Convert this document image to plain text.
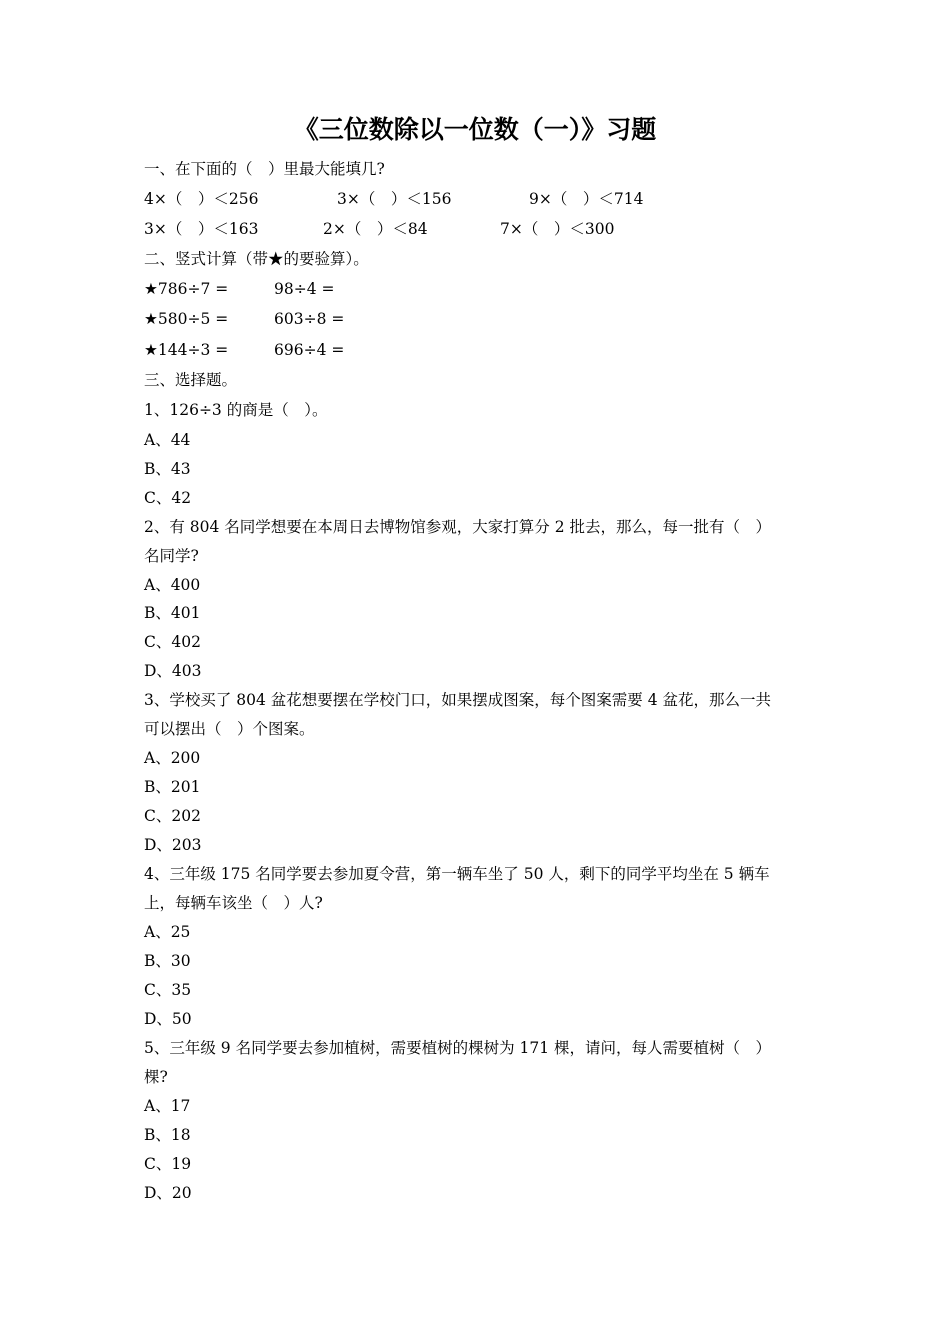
《三位数除以一位数（一）》习题
一、在下面的（　）里最大能填几?
4×（　）＜256	3×（　）＜156	9×（　）＜714
3×（　）＜163	2×（　）＜84	7×（　）＜300
二、竖式计算（带★的要验算）。
★786÷7 =	98÷4 =
★580÷5 =	603÷8 =
★144÷3 =	696÷4 =
三、选择题。
1、126÷3 的商是（　）。
A、44
B、43
C、42
2、有 804 名同学想要在本周日去博物馆参观，大家打算分 2 批去，那么，每一批有（　）
名同学?
A、400
B、401
C、402
D、403
3、学校买了 804 盆花想要摆在学校门口，如果摆成图案，每个图案需要 4 盆花，那么一共
可以摆出（　）个图案。
A、200
B、201
C、202
D、203
4、三年级 175 名同学要去参加夏令营，第一辆车坐了 50 人，剩下的同学平均坐在 5 辆车
上，每辆车该坐（　）人?
A、25
B、30
C、35
D、50
5、三年级 9 名同学要去参加植树，需要植树的棵树为 171 棵，请问，每人需要植树（　）
棵?
A、17
B、18
C、19
D、20
